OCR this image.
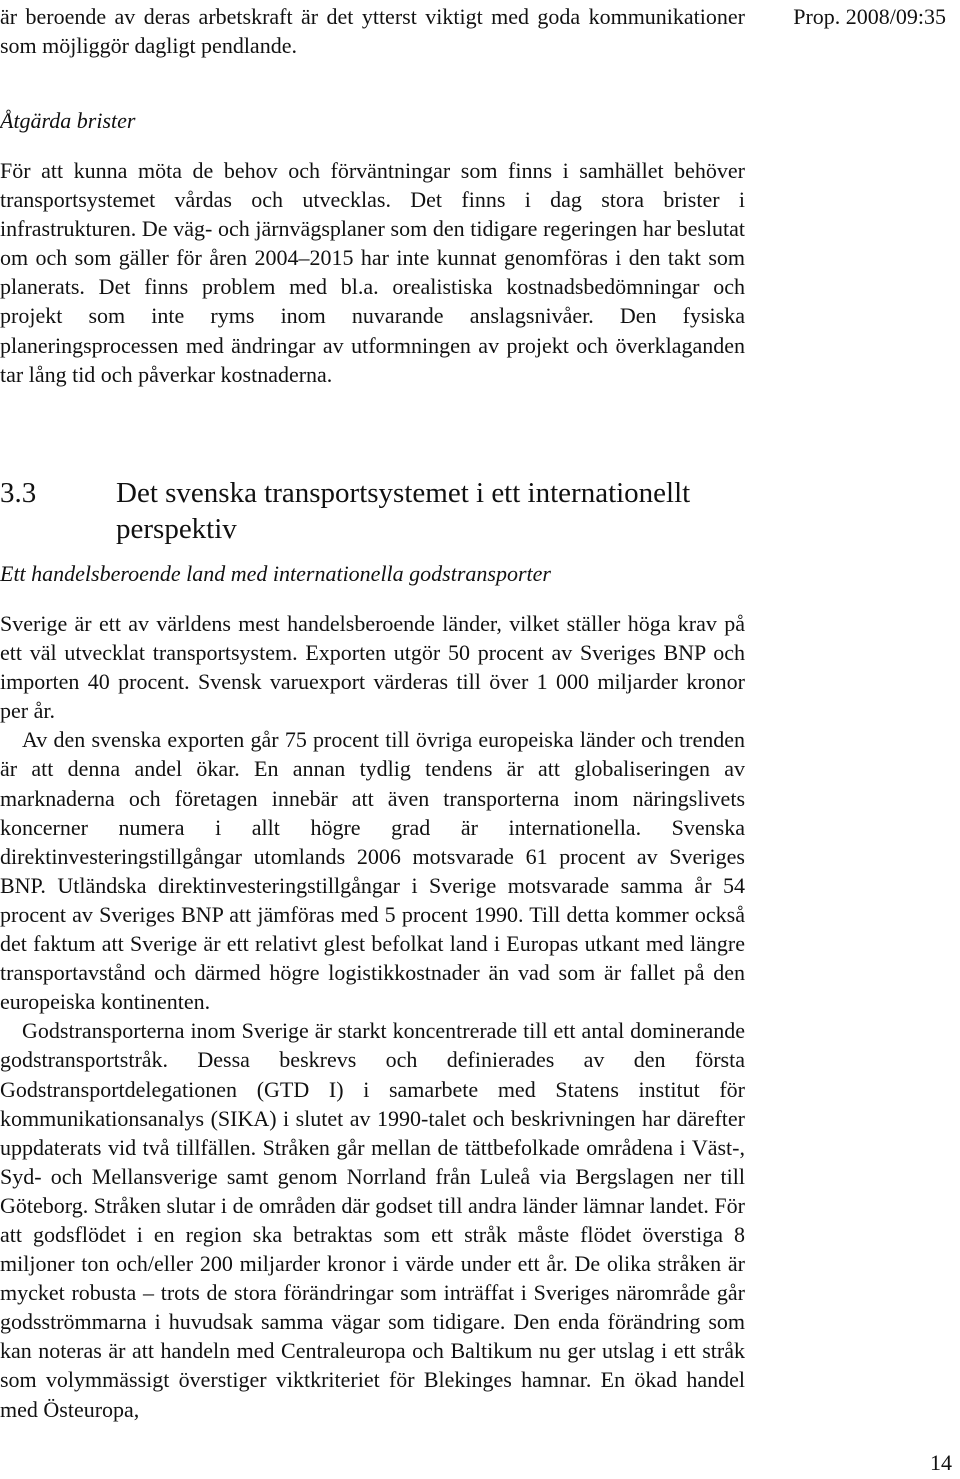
Prop. 2008/09:35

är beroende av deras arbetskraft är det ytterst viktigt med goda kommunikationer som möjliggör dagligt pendlande.

Åtgärda brister

För att kunna möta de behov och förväntningar som finns i samhället behöver transportsystemet vårdas och utvecklas. Det finns i dag stora brister i infrastrukturen. De väg- och järnvägsplaner som den tidigare regeringen har beslutat om och som gäller för åren 2004–2015 har inte kunnat genomföras i den takt som planerats. Det finns problem med bl.a. orealistiska kostnadsbedömningar och projekt som inte ryms inom nuvarande anslagsnivåer. Den fysiska planeringsprocessen med ändringar av utformningen av projekt och överklaganden tar lång tid och påverkar kostnaderna.

3.3	Det svenska transportsystemet i ett internationellt perspektiv

Ett handelsberoende land med internationella godstransporter

Sverige är ett av världens mest handelsberoende länder, vilket ställer höga krav på ett väl utvecklat transportsystem. Exporten utgör 50 procent av Sveriges BNP och importen 40 procent. Svensk varuexport värderas till över 1 000 miljarder kronor per år.

Av den svenska exporten går 75 procent till övriga europeiska länder och trenden är att denna andel ökar. En annan tydlig tendens är att globaliseringen av marknaderna och företagen innebär att även transporterna inom näringslivets koncerner numera i allt högre grad är internationella. Svenska direktinvesteringstillgångar utomlands 2006 motsvarade 61 procent av Sveriges BNP. Utländska direktinvesteringstillgångar i Sverige motsvarade samma år 54 procent av Sveriges BNP att jämföras med 5 procent 1990. Till detta kommer också det faktum att Sverige är ett relativt glest befolkat land i Europas utkant med längre transportavstånd och därmed högre logistikkostnader än vad som är fallet på den europeiska kontinenten.

Godstransporterna inom Sverige är starkt koncentrerade till ett antal dominerande godstransportstråk. Dessa beskrevs och definierades av den första Godstransportdelegationen (GTD I) i samarbete med Statens institut för kommunikationsanalys (SIKA) i slutet av 1990-talet och beskrivningen har därefter uppdaterats vid två tillfällen. Stråken går mellan de tättbefolkade områdena i Väst-, Syd- och Mellansverige samt genom Norrland från Luleå via Bergslagen ner till Göteborg. Stråken slutar i de områden där godset till andra länder lämnar landet. För att godsflödet i en region ska betraktas som ett stråk måste flödet överstiga 8 miljoner ton och/eller 200 miljarder kronor i värde under ett år. De olika stråken är mycket robusta – trots de stora förändringar som inträffat i Sveriges närområde går godsströmmarna i huvudsak samma vägar som tidigare. Den enda förändring som kan noteras är att handeln med Centraleuropa och Baltikum nu ger utslag i ett stråk som volymmässigt överstiger viktkriteriet för Blekinges hamnar. En ökad handel med Östeuropa,

14
